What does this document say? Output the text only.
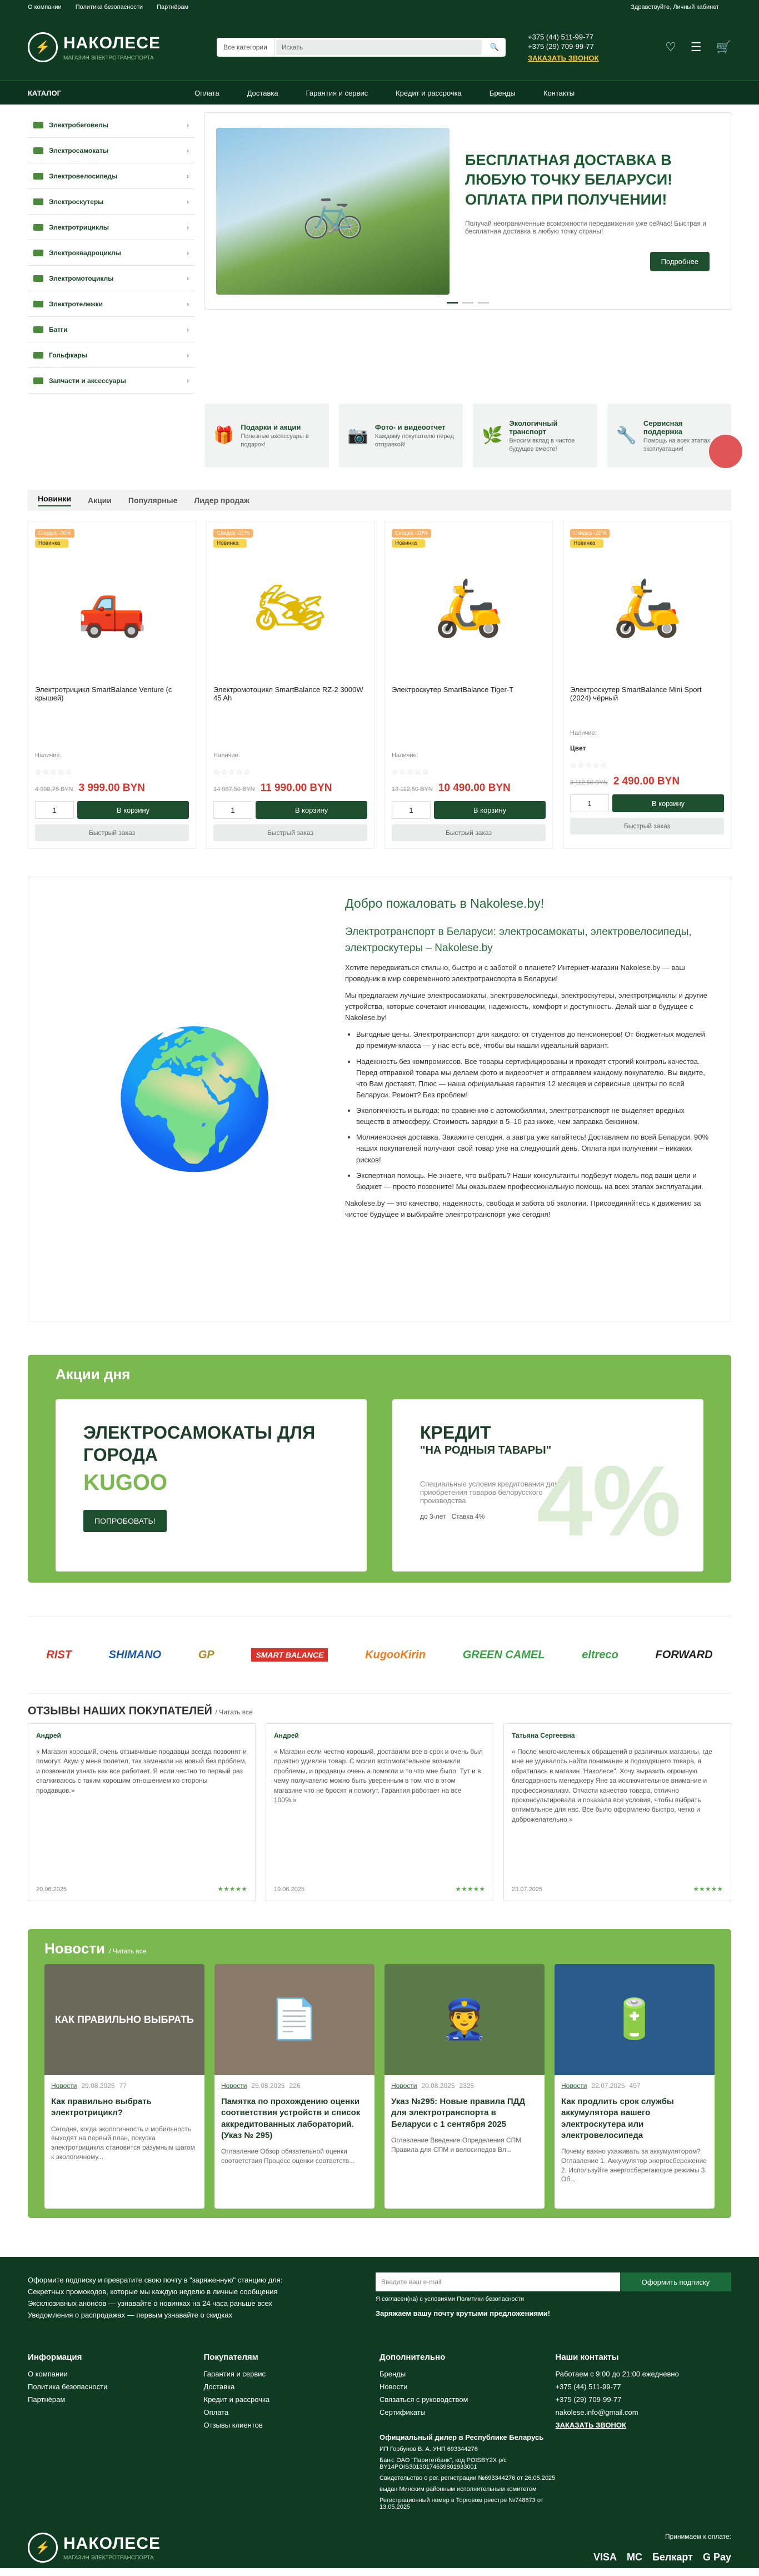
О компании Политика безопасности Партнёрам	Здравствуйте, Личный кабинет
⚡ НАКОЛЕСЕ
МАГАЗИН ЭЛЕКТРОТРАНСПОРТА
Все категории	Искать	🔍
+375 (44) 511-99-77
+375 (29) 709-99-77
ЗАКАЗАТЬ ЗВОНОК
♡ ☰ 🛒
КАТАЛОГ	Оплата	Доставка	Гарантия и сервис	Кредит и рассрочка	Бренды	Контакты
Электробеговелы	›
Электросамокаты	›
Электровелосипеды	›
Электроскутеры	›
Электротрициклы	›
Электроквадроциклы	›
Электромотоциклы	›
Электротележки	›
Батги	›
Гольфкары	›
Запчасти и аксессуары	›
🚲
БЕСПЛАТНАЯ ДОСТАВКА В ЛЮБУЮ ТОЧКУ БЕЛАРУСИ! ОПЛАТА ПРИ ПОЛУЧЕНИИ!

Получай неограниченные возможности передвижения уже сейчас! Быстрая и бесплатная доставка в любую точку страны!

Подробнее
🎁 Подарки и акции
Полезные аксессуары в подарок!	📷 Фото- и видеоотчет
Каждому покупателю перед отправкой!	🌿
Экологичный транспорт
Вносим вклад в чистое будущее вместе!
🔧
Сервисная поддержка
Помощь на всех этапах эксплуатации!
Новинки Акции Популярные Лидер продаж
Скидка -20%
Новинка
🛻
Электротрицикл SmartBalance Venture (с крышей)
Наличие:
☆☆☆☆☆
4 998,75 BYN 3 999.00 BYN
1	В корзину
Быстрый заказ
Скидка -20%
Новинка
🏍
Электромотоцикл SmartBalance RZ-2 3000W 45 Ah
Наличие:
☆☆☆☆☆
14 987,50 BYN 11 990.00 BYN
1	В корзину
Быстрый заказ
Скидка -20%
Новинка
🛵
Электроскутер SmartBalance Tiger-T
Наличие:
☆☆☆☆☆
13 112,50 BYN 10 490.00 BYN
1	В корзину
Быстрый заказ
Скидка -20%
Новинка
🛵
Электроскутер SmartBalance Mini Sport (2024) чёрный
Наличие:
Цвет
☆☆☆☆☆
3 112,50 BYN 2 490.00 BYN
1	В корзину
Быстрый заказ
🌍
Добро пожаловать в Nakolese.by!
Электротранспорт в Беларуси: электросамокаты, электровелосипеды, электроскутеры – Nakolese.by

Хотите передвигаться стильно, быстро и с заботой о планете? Интернет-магазин Nakolese.by — ваш проводник в мир современного электротранспорта в Беларуси!

Мы предлагаем лучшие электросамокаты, электровелосипеды, электроскутеры, электротрициклы и другие устройства, которые сочетают инновации, надежность, комфорт и доступность. Делай шаг в будущее с Nakolese.by!

• Выгодные цены. Электротранспорт для каждого: от студентов до пенсионеров! От бюджетных моделей до премиум-класса — у нас есть всё, чтобы вы нашли идеальный вариант.
• Надежность без компромиссов. Все товары сертифицированы и проходят строгий контроль качества. Перед отправкой товара мы делаем фото и видеоотчет и отправляем каждому покупателю. Вы видите, что Вам доставят. Плюс — наша официальная гарантия 12 месяцев и сервисные центры по всей Беларуси. Ремонт? Без проблем!
• Экологичность и выгода: по сравнению с автомобилями, электротранспорт не выделяет вредных веществ в атмосферу. Стоимость зарядки в 5–10 раз ниже, чем заправка бензином.
• Молниеносная доставка. Закажите сегодня, а завтра уже катайтесь! Доставляем по всей Беларуси. 90% наших покупателей получают свой товар уже на следующий день. Оплата при получении – никаких рисков!
• Экспертная помощь. Не знаете, что выбрать? Наши консультанты подберут модель под ваши цели и бюджет — просто позвоните! Мы оказываем профессиональную помощь на всех этапах эксплуатации.

Nakolese.by — это качество, надежность, свобода и забота об экологии. Присоединяйтесь к движению за чистое будущее и выбирайте электротранспорт уже сегодня!

Акции дня
ЭЛЕКТРОСАМОКАТЫ ДЛЯ ГОРОДА
KUGOO
ПОПРОБОВАТЬ!
КРЕДИТ
"НА РОДНЫЯ ТАВАРЫ"
Специальные условия кредитования для приобретения товаров белорусского производства
до 3-лет Ставка 4% 4%
RIST	SHIMANO	GP	SMART BALANCE	KugooKirin	GREEN CAMEL	eltreco	FORWARD
ОТЗЫВЫ НАШИХ ПОКУПАТЕЛЕЙ / Читать все
Андрей

« Магазин хороший, очень отзывчивые продавцы всегда позвонят и помогут. Акум у меня полетел, так заменили на новый без проблем, и позвонили узнать как все работает. Я если честно то первый раз сталкиваюсь с таким хорошим отношением ко стороны продавцов.»

20.06.2025	★★★★★
Андрей

« Магазин если честно хороший, доставили все в срок и очень был приятно удивлен товар. С мсиил вспомогательное возникли проблемы, и продавцы очень а помогли и то что мне было. Тут и в чему получателю можно быть уверенным в том что в этом магазине что не бросят и помогут. Гарантия работает на все 100%.»

19.06.2025	★★★★★
Татьяна Сергеевна

« После многочисленных обращений в различных магазины, где мне не удавалось найти понимание и подходящего товара, я обратилась в магазин "Наколесе". Хочу выразить огромную благодарность менеджеру Яне за исключительное внимание и профессионализм. Отчасти качество товара, отлично проконсультировала и показала все условия, чтобы выбрать оптимальное для нас. Все было оформлено быстро, четко и доброжелательно.»

23.07.2025	★★★★★
Новости / Читать все
КАК ПРАВИЛЬНО ВЫБРАТЬ
Новости 29.08.2025 77
Как правильно выбрать электротрицикл?

Сегодня, когда экологичность и мобильность выходят на первый план, покупка электротрицикла становится разумным шагом к экологичному...

📄
Новости 25.08.2025 226
Памятка по прохождению оценки соответствия устройств и список аккредитованных лабораторий. (Указ № 295)

Оглавление Обзор обязательной оценки соответствия Процесс оценки соответств...

👮
Новости 20.08.2025 2325
Указ №295: Новые правила ПДД для электротранспорта в Беларуси с 1 сентября 2025

Оглавление Введение Определения СПМ Правила для СПМ и велосипедов Вл...

🔋
Новости 22.07.2025 497
Как продлить срок службы аккумулятора вашего электроскутера или электровелосипеда

Почему важно ухаживать за аккумулятором? Оглавление 1. Аккумулятор энергосбережение 2. Используйте энергосберегающие режимы 3. Об...

Оформите подписку и превратите свою почту в "заряженную" станцию для:
Секретных промокодов, которые мы каждую неделю в личные сообщения
Эксклюзивных анонсов — узнавайте о новинках на 24 часа раньше всех
Уведомления о распродажах — первым узнавайте о скидках
Введите ваш e-mail	Оформить подписку
Я согласен(на) с условиями Политики безопасности
Заряжаем вашу почту крутыми предложениями!
Информация
О компании
Политика безопасности
Партнёрам
Покупателям
Гарантия и сервис
Доставка
Кредит и рассрочка
Оплата
Отзывы клиентов
Дополнительно
Бренды
Новости
Связаться с руководством
Сертификаты
Официальный дилер в Республике Беларусь
ИП Горбунов В. А. УНП 693344276
Банк: ОАО "Паритетбанк", код POISBY2X р/с BY14POIS30130174639801933001
Свидетельство о рег. регистрации №693344276 от 26.05.2025
выдан Минским районным исполнительным комитетом
Регистрационный номер в Торговом реестре №748873 от 13.05.2025
Наши контакты
Работаем с 9:00 до 21:00 ежедневно
+375 (44) 511-99-77
+375 (29) 709-99-77
nakolese.info@gmail.com
ЗАКАЗАТЬ ЗВОНОК
⚡ НАКОЛЕСЕ
МАГАЗИН ЭЛЕКТРОТРАНСПОРТА
© Nakolese.by - интернет-магазин электротранспорта, 2025
Принимаем к оплате:
VISA MC Белкарт G Pay
